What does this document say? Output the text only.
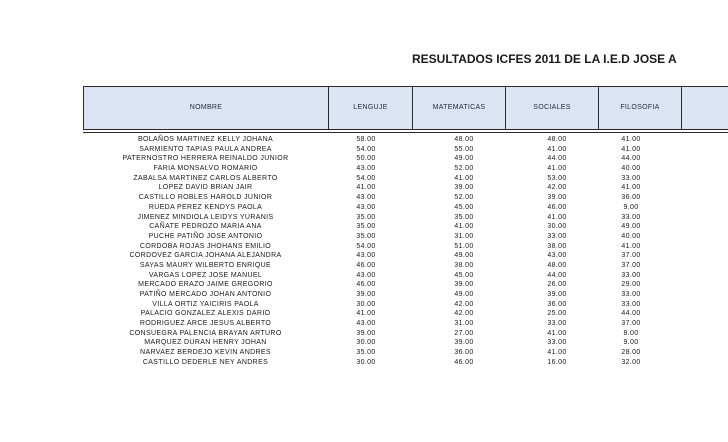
RESULTADOS ICFES 2011 DE LA I.E.D JOSE A
NOMBRE	LENGUJE	MATEMATICAS	SOCIALES	FILOSOFIA
BOLAÑOS MARTINEZ KELLY JOHANA	58.00	48.00	48.00	41.00
SARMIENTO TAPIAS PAULA ANDREA	54.00	55.00	41.00	41.00
PATERNOSTRO HERRERA REINALDO JUNIOR	50.00	49.00	44.00	44.00
FARIA MONSALVO ROMARIO	43.00	52.00	41.00	40.00
ZABALSA MARTINEZ CARLOS ALBERTO	54.00	41.00	53.00	33.00
LOPEZ DAVID BRIAN JAIR	41.00	39.00	42.00	41.00
CASTILLO ROBLES HAROLD JUNIOR	43.00	52.00	39.00	36.00
RUEDA PEREZ KENDYS PAOLA	43.00	45.00	46.00	9.00
JIMENEZ MINDIOLA LEIDYS YURANIS	35.00	35.00	41.00	33.00
CAÑATE PEDROZO MARIA ANA	35.00	41.00	30.00	49.00
PUCHE PATIÑO JOSE ANTONIO	35.00	31.00	33.00	40.00
CORDOBA ROJAS JHOHANS EMILIO	54.00	51.00	38.00	41.00
CORDOVEZ GARCIA JOHANA ALEJANDRA	43.00	49.00	43.00	37.00
SAYAS MAURY WILBERTO ENRIQUE	46.00	38.00	48.00	37.00
VARGAS LOPEZ JOSE MANUEL	43.00	45.00	44.00	33.00
MERCADO ERAZO JAIME GREGORIO	46.00	39.00	26.00	29.00
PATIÑO MERCADO JOHAN ANTONIO	39.00	49.00	39.00	33.00
VILLA ORTIZ YAICIRIS PAOLA	30.00	42.00	36.00	33.00
PALACIO GONZALEZ ALEXIS DARIO	41.00	42.00	25.00	44.00
RODRIGUEZ ARCE JESUS ALBERTO	43.00	31.00	33.00	37.00
CONSUEGRA PALENCIA BRAYAN ARTURO	39.00	27.00	41.00	8.00
MARQUEZ DURAN HENRY JOHAN	30.00	39.00	33.00	9.00
NARVAEZ BERDEJO KEVIN ANDRES	35.00	36.00	41.00	28.00
CASTILLO DEDERLE NEY ANDRES	30.00	46.00	16.00	32.00
